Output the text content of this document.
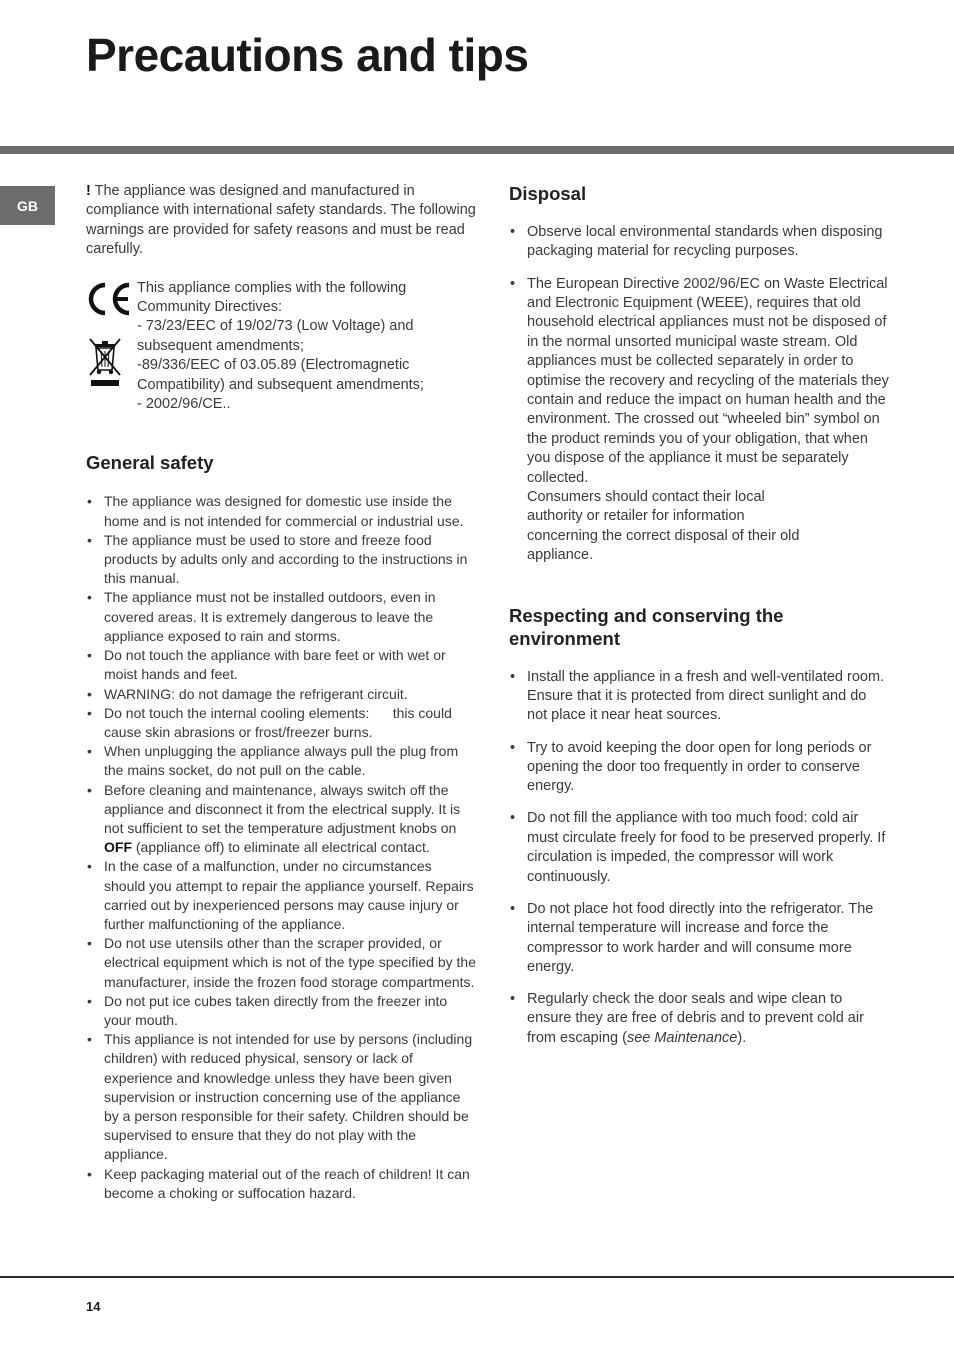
Precautions and tips
GB

! The appliance was designed and manufactured in compliance with international safety standards. The following warnings are provided for safety reasons and must be read carefully.

This appliance complies with the following Community Directives:

- 73/23/EEC of 19/02/73 (Low Voltage) and subsequent amendments;

-89/336/EEC of 03.05.89 (Electromagnetic Compatibility) and subsequent amendments;

- 2002/96/CE..

General safety
• The appliance was designed for domestic use inside the home and is not intended for commercial or industrial use.
• The appliance must be used to store and freeze food products by adults only and according to the instructions in this manual.
• The appliance must not be installed outdoors, even in covered areas. It is extremely dangerous to leave the appliance exposed to rain and storms.
• Do not touch the appliance with bare feet or with wet or moist hands and feet.
• WARNING: do not damage the refrigerant circuit.
• Do not touch the internal cooling elements:      this could cause skin abrasions or frost/freezer burns.
• When unplugging the appliance always pull the plug from the mains socket, do not pull on the cable.
• Before cleaning and maintenance, always switch off the appliance and disconnect it from the electrical supply. It is not sufficient to set the temperature adjustment knobs on OFF (appliance off) to eliminate all electrical contact.
• In the case of a malfunction, under no circumstances should you attempt to repair the appliance yourself. Repairs carried out by inexperienced persons may cause injury or further malfunctioning of the appliance.
• Do not use utensils other than the scraper provided, or electrical equipment which is not of the type specified by the manufacturer, inside the frozen food storage compartments.
• Do not put ice cubes taken directly from the freezer into your mouth.
• This appliance is not intended for use by persons (including children) with reduced physical, sensory or lack of experience and knowledge unless they have been given supervision or instruction concerning use of the appliance by a person responsible for their safety. Children should be supervised to ensure that they do not play with the appliance.
• Keep packaging material out of the reach of children! It can become a choking or suffocation hazard.
Disposal
• Observe local environmental standards when disposing packaging material for recycling purposes.
• The European Directive 2002/96/EC on Waste Electrical and Electronic Equipment (WEEE), requires that old household electrical appliances must not be disposed of in the normal unsorted municipal waste stream. Old appliances must be collected separately in order to optimise the recovery and recycling of the materials they contain and reduce the impact on human health and the environment. The crossed out “wheeled bin” symbol on the product reminds you of your obligation, that when you dispose of the appliance it must be separately collected.
Consumers should contact their local
authority or retailer for information
concerning the correct disposal of their old
appliance.
Respecting and conserving the environment
• Install the appliance in a fresh and well-ventilated room. Ensure that it is protected from direct sunlight and do not place it near heat sources.
• Try to avoid keeping the door open for long periods or opening the door too frequently in order to conserve energy.
• Do not fill the appliance with too much food: cold air must circulate freely for food to be preserved properly. If circulation is impeded, the compressor will work continuously.
• Do not place hot food directly into the refrigerator. The internal temperature will increase and force the compressor to work harder and will consume more energy.
• Regularly check the door seals and wipe clean to ensure they are free of debris and to prevent cold air from escaping (see Maintenance).
14
